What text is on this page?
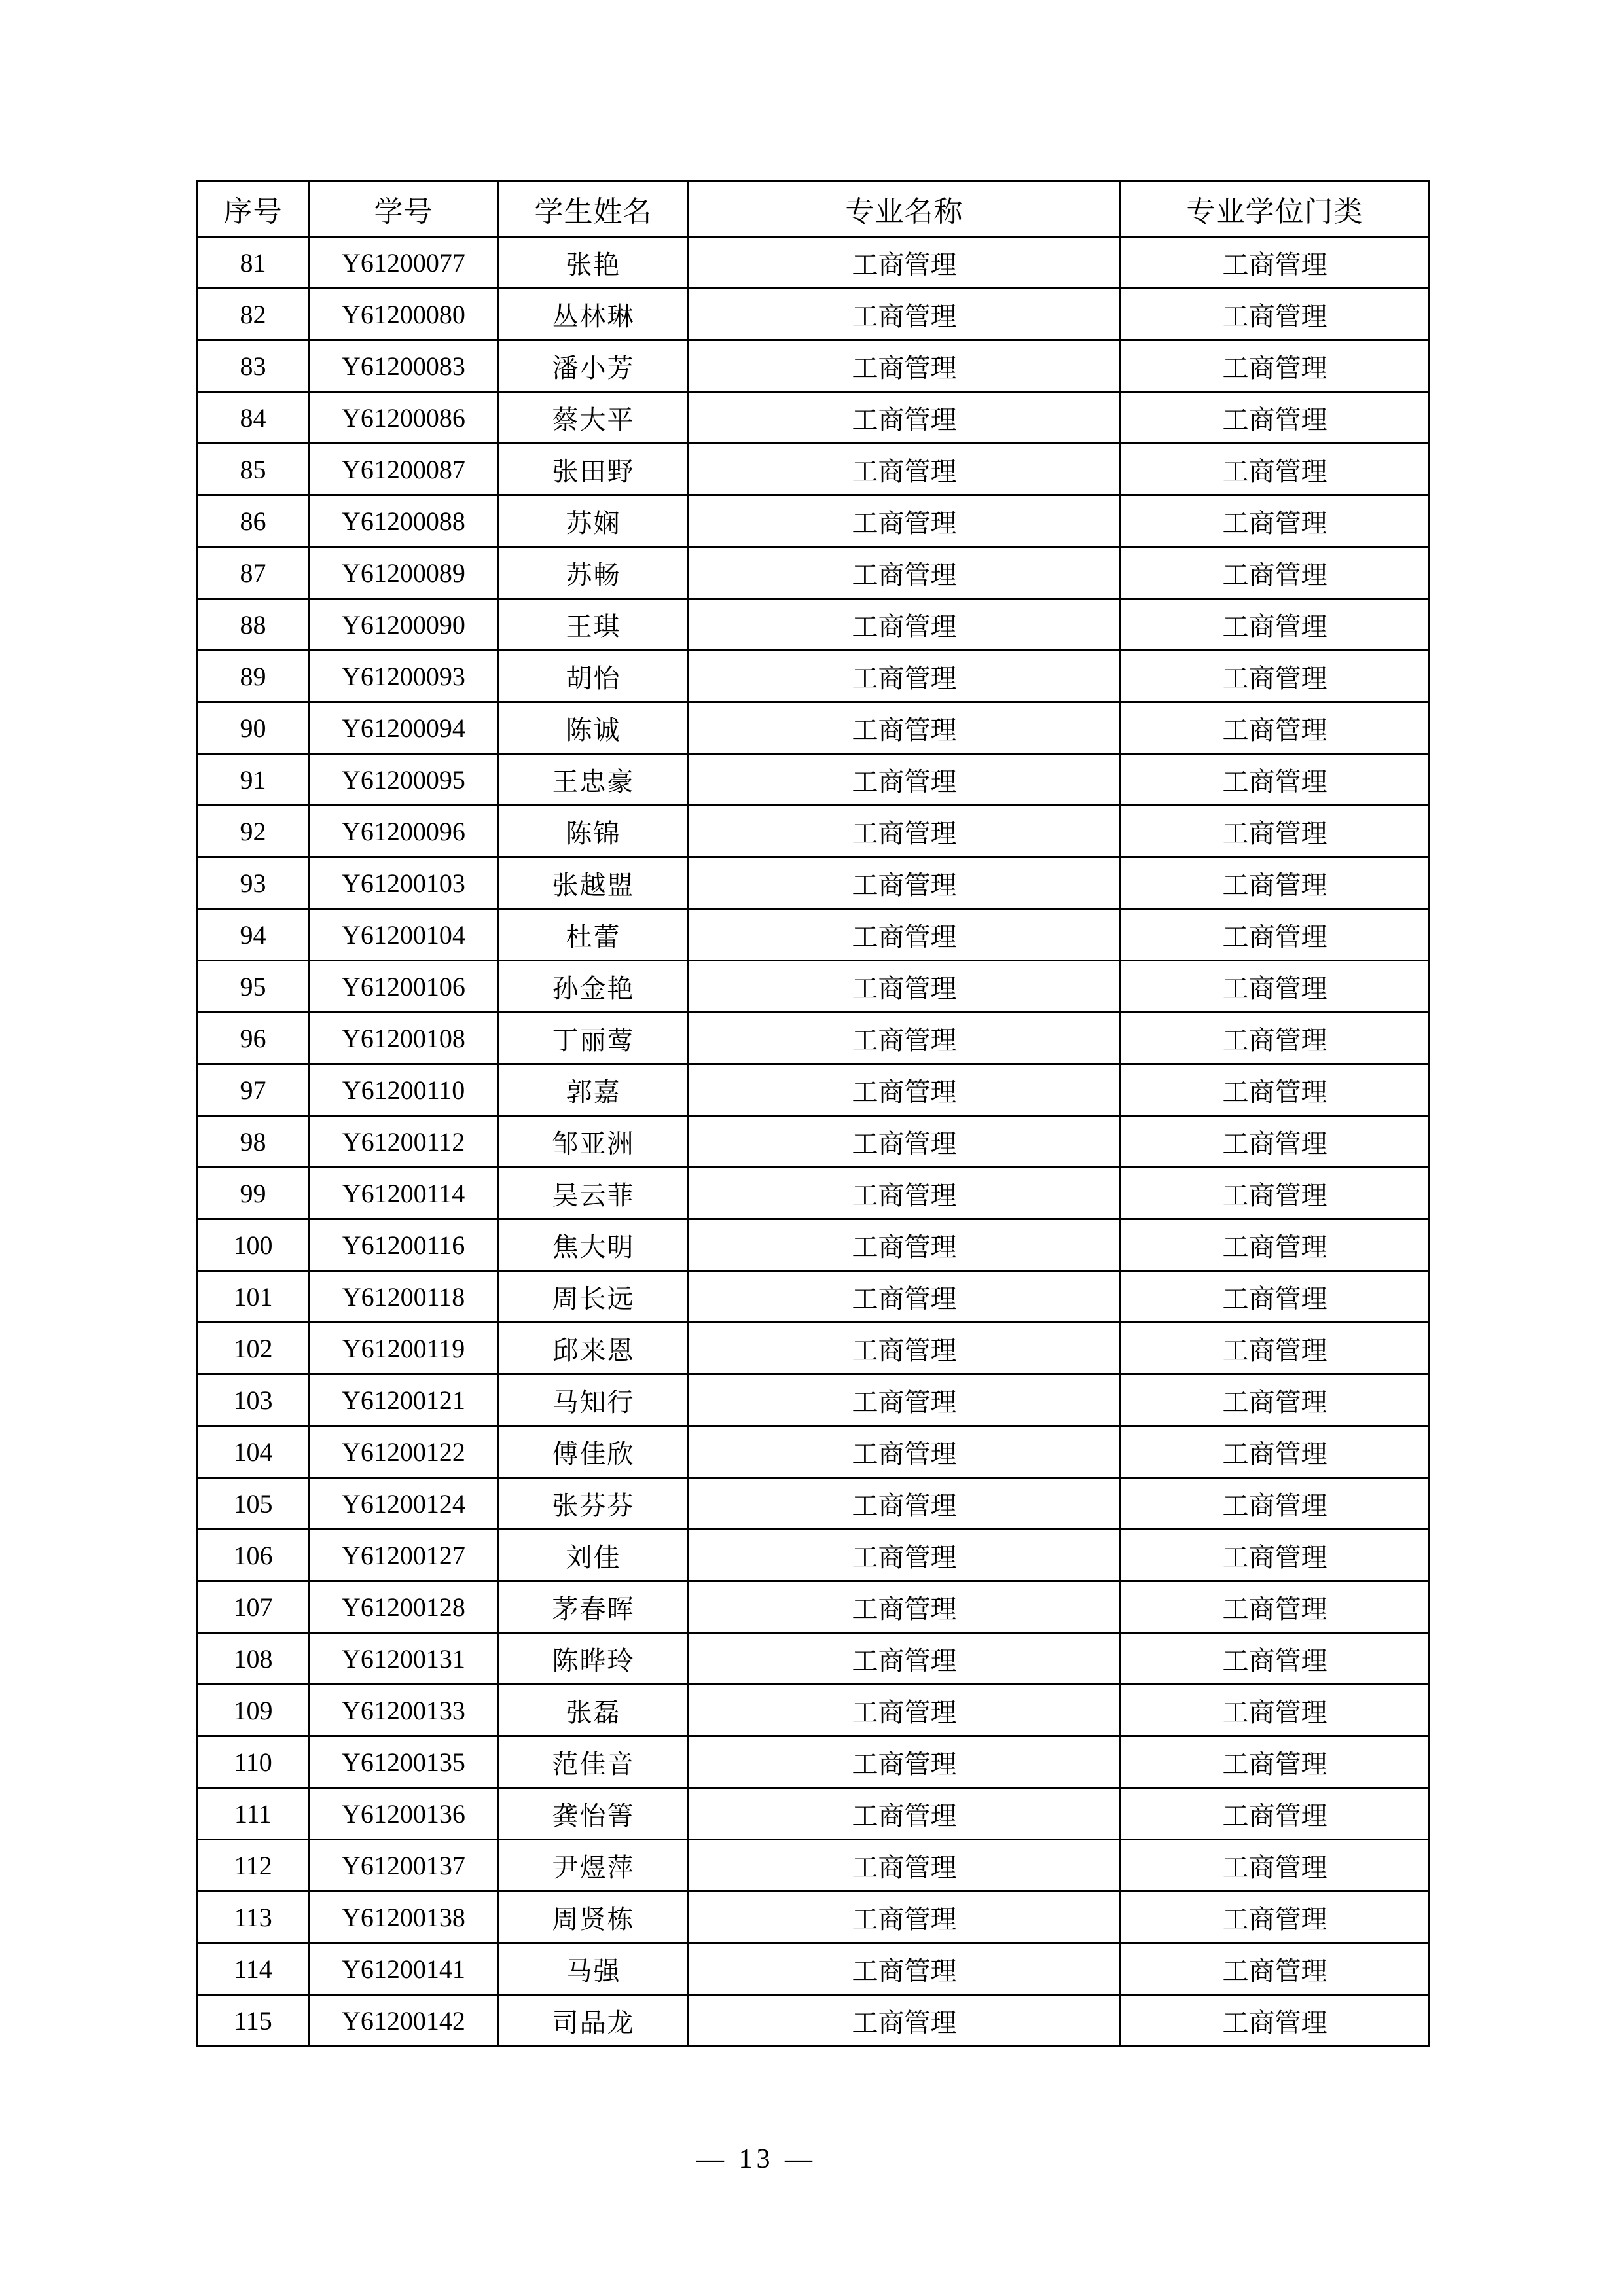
序号	学号	学生姓名	专业名称	专业学位门类
81	Y61200077	张艳	工商管理	工商管理
82	Y61200080	丛林琳	工商管理	工商管理
83	Y61200083	潘小芳	工商管理	工商管理
84	Y61200086	蔡大平	工商管理	工商管理
85	Y61200087	张田野	工商管理	工商管理
86	Y61200088	苏娴	工商管理	工商管理
87	Y61200089	苏畅	工商管理	工商管理
88	Y61200090	王琪	工商管理	工商管理
89	Y61200093	胡怡	工商管理	工商管理
90	Y61200094	陈诚	工商管理	工商管理
91	Y61200095	王忠豪	工商管理	工商管理
92	Y61200096	陈锦	工商管理	工商管理
93	Y61200103	张越盟	工商管理	工商管理
94	Y61200104	杜蕾	工商管理	工商管理
95	Y61200106	孙金艳	工商管理	工商管理
96	Y61200108	丁丽莺	工商管理	工商管理
97	Y61200110	郭嘉	工商管理	工商管理
98	Y61200112	邹亚洲	工商管理	工商管理
99	Y61200114	吴云菲	工商管理	工商管理
100	Y61200116	焦大明	工商管理	工商管理
101	Y61200118	周长远	工商管理	工商管理
102	Y61200119	邱来恩	工商管理	工商管理
103	Y61200121	马知行	工商管理	工商管理
104	Y61200122	傅佳欣	工商管理	工商管理
105	Y61200124	张芬芬	工商管理	工商管理
106	Y61200127	刘佳	工商管理	工商管理
107	Y61200128	茅春晖	工商管理	工商管理
108	Y61200131	陈晔玲	工商管理	工商管理
109	Y61200133	张磊	工商管理	工商管理
110	Y61200135	范佳音	工商管理	工商管理
111	Y61200136	龚怡箐	工商管理	工商管理
112	Y61200137	尹煜萍	工商管理	工商管理
113	Y61200138	周贤栋	工商管理	工商管理
114	Y61200141	马强	工商管理	工商管理
115	Y61200142	司品龙	工商管理	工商管理
— 13 —
